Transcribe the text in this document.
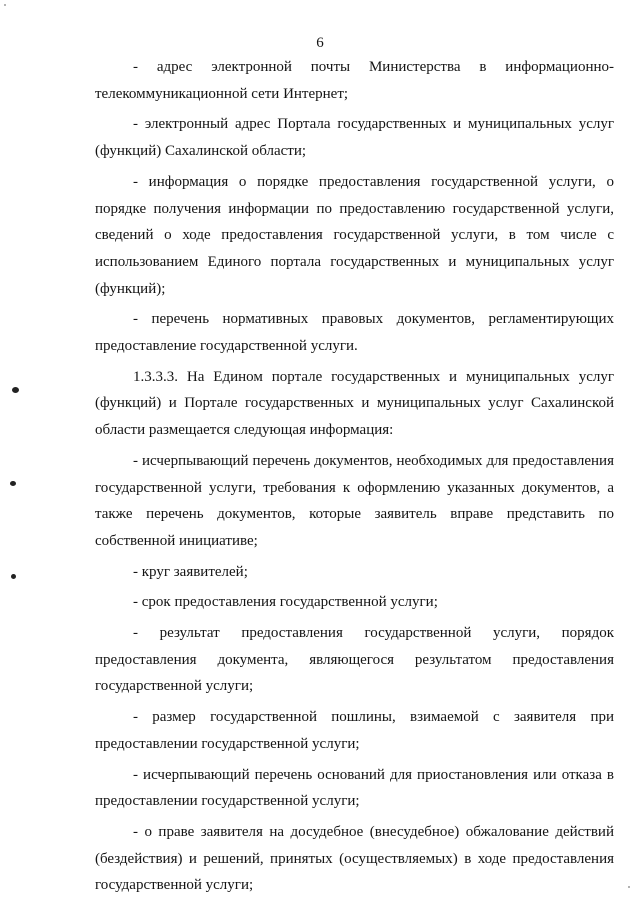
6

- адрес электронной почты Министерства в информационно-телекоммуникационной сети Интернет;

- электронный адрес Портала государственных и муниципальных услуг (функций) Сахалинской области;

- информация о порядке предоставления государственной услуги, о порядке получения информации по предоставлению государственной услуги, сведений о ходе предоставления государственной услуги, в том числе с использованием Единого портала государственных и муниципальных услуг (функций);

- перечень нормативных правовых документов, регламентирующих предоставление государственной услуги.

1.3.3.3. На Едином портале государственных и муниципальных услуг (функций) и Портале государственных и муниципальных услуг Сахалинской области размещается следующая информация:

- исчерпывающий перечень документов, необходимых для предоставления государственной услуги, требования к оформлению указанных документов, а также перечень документов, которые заявитель вправе представить по собственной инициативе;

- круг заявителей;

- срок предоставления государственной услуги;

- результат предоставления государственной услуги, порядок предоставления документа, являющегося результатом предоставления государственной услуги;

- размер государственной пошлины, взимаемой с заявителя при предоставлении государственной услуги;

- исчерпывающий перечень оснований для приостановления или отказа в предоставлении государственной услуги;

- о праве заявителя на досудебное (внесудебное) обжалование действий (бездействия) и решений, принятых (осуществляемых) в ходе предоставления государственной услуги;
